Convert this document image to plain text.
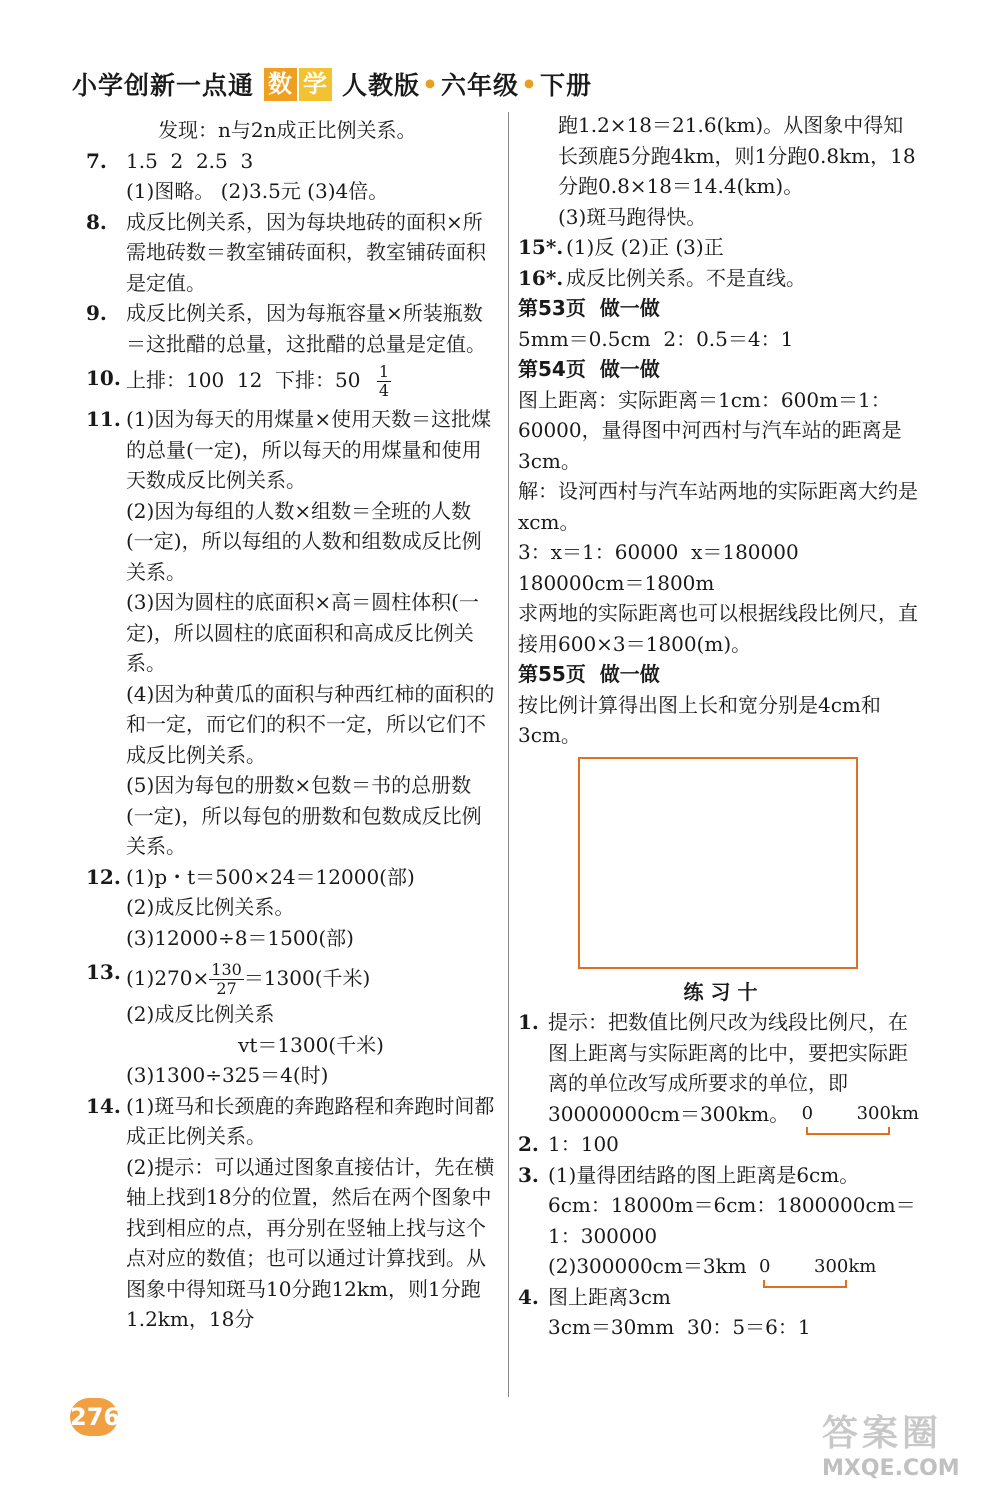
小学创新一点通 数 学 人教版 • 六年级 • 下册
发现：n与2n成正比例关系。
7. 1.5  2  2.5  3
(1)图略。 (2)3.5元 (3)4倍。
8. 成反比例关系，因为每块地砖的面积×所需地砖数＝教室铺砖面积，教室铺砖面积是定值。
9. 成反比例关系，因为每瓶容量×所装瓶数＝这批醋的总量，这批醋的总量是定值。
10. 上排：100  12  下排：$50 \frac{1}{4}$
11. (1)因为每天的用煤量×使用天数＝这批煤的总量(一定)，所以每天的用煤量和使用天数成反比例关系。
(2)因为每组的人数×组数＝全班的人数(一定)，所以每组的人数和组数成反比例关系。
(3)因为圆柱的底面积×高＝圆柱体积(一定)，所以圆柱的底面积和高成反比例关系。
(4)因为种黄瓜的面积与种西红柿的面积的和一定，而它们的积不一定，所以它们不成反比例关系。
(5)因为每包的册数×包数＝书的总册数(一定)，所以每包的册数和包数成反比例关系。
12. (1)p・t＝500×24＝12000(部)
(2)成反比例关系。
(3)12000÷8＝1500(部)
13. $(1)270\times \frac{130}{27} =1300$(千米)
(2)成反比例关系
vt＝1300(千米)
(3)1300÷325＝4(时)
14. (1)斑马和长颈鹿的奔跑路程和奔跑时间都成正比例关系。
(2)提示：可以通过图象直接估计，先在横轴上找到18分的位置，然后在两个图象中找到相应的点，再分别在竖轴上找与这个点对应的数值；也可以通过计算找到。从图象中得知斑马10分跑12km，则1分跑1.2km，18分
跑1.2×18＝21.6(km)。从图象中得知长颈鹿5分跑4km，则1分跑0.8km，18分跑0.8×18＝14.4(km)。
(3)斑马跑得快。
15*. (1)反 (2)正 (3)正
16*. 成反比例关系。不是直线。
第53页  做一做
5mm＝0.5cm  2：0.5＝4：1
第54页  做一做
图上距离：实际距离＝1cm：600m＝1：60000，量得图中河西村与汽车站的距离是3cm。
解：设河西村与汽车站两地的实际距离大约是xcm。
3：x＝1：60000  x＝180000
180000cm＝1800m
求两地的实际距离也可以根据线段比例尺，直接用600×3＝1800(m)。
第55页  做一做
按比例计算得出图上长和宽分别是4cm和3cm。
练 习 十
1. 提示：把数值比例尺改为线段比例尺，在图上距离与实际距离的比中，要把实际距离的单位改写成所要求的单位，即
30000000cm＝300km。 0 300km
2. 1：100
3. (1)量得团结路的图上距离是6cm。
6cm：18000m＝6cm：1800000cm＝
1：300000
(2)300000cm＝3km 0 300km
4. 图上距离3cm
3cm＝30mm  30：5＝6：1
276	答案圈
MXQE.COM
